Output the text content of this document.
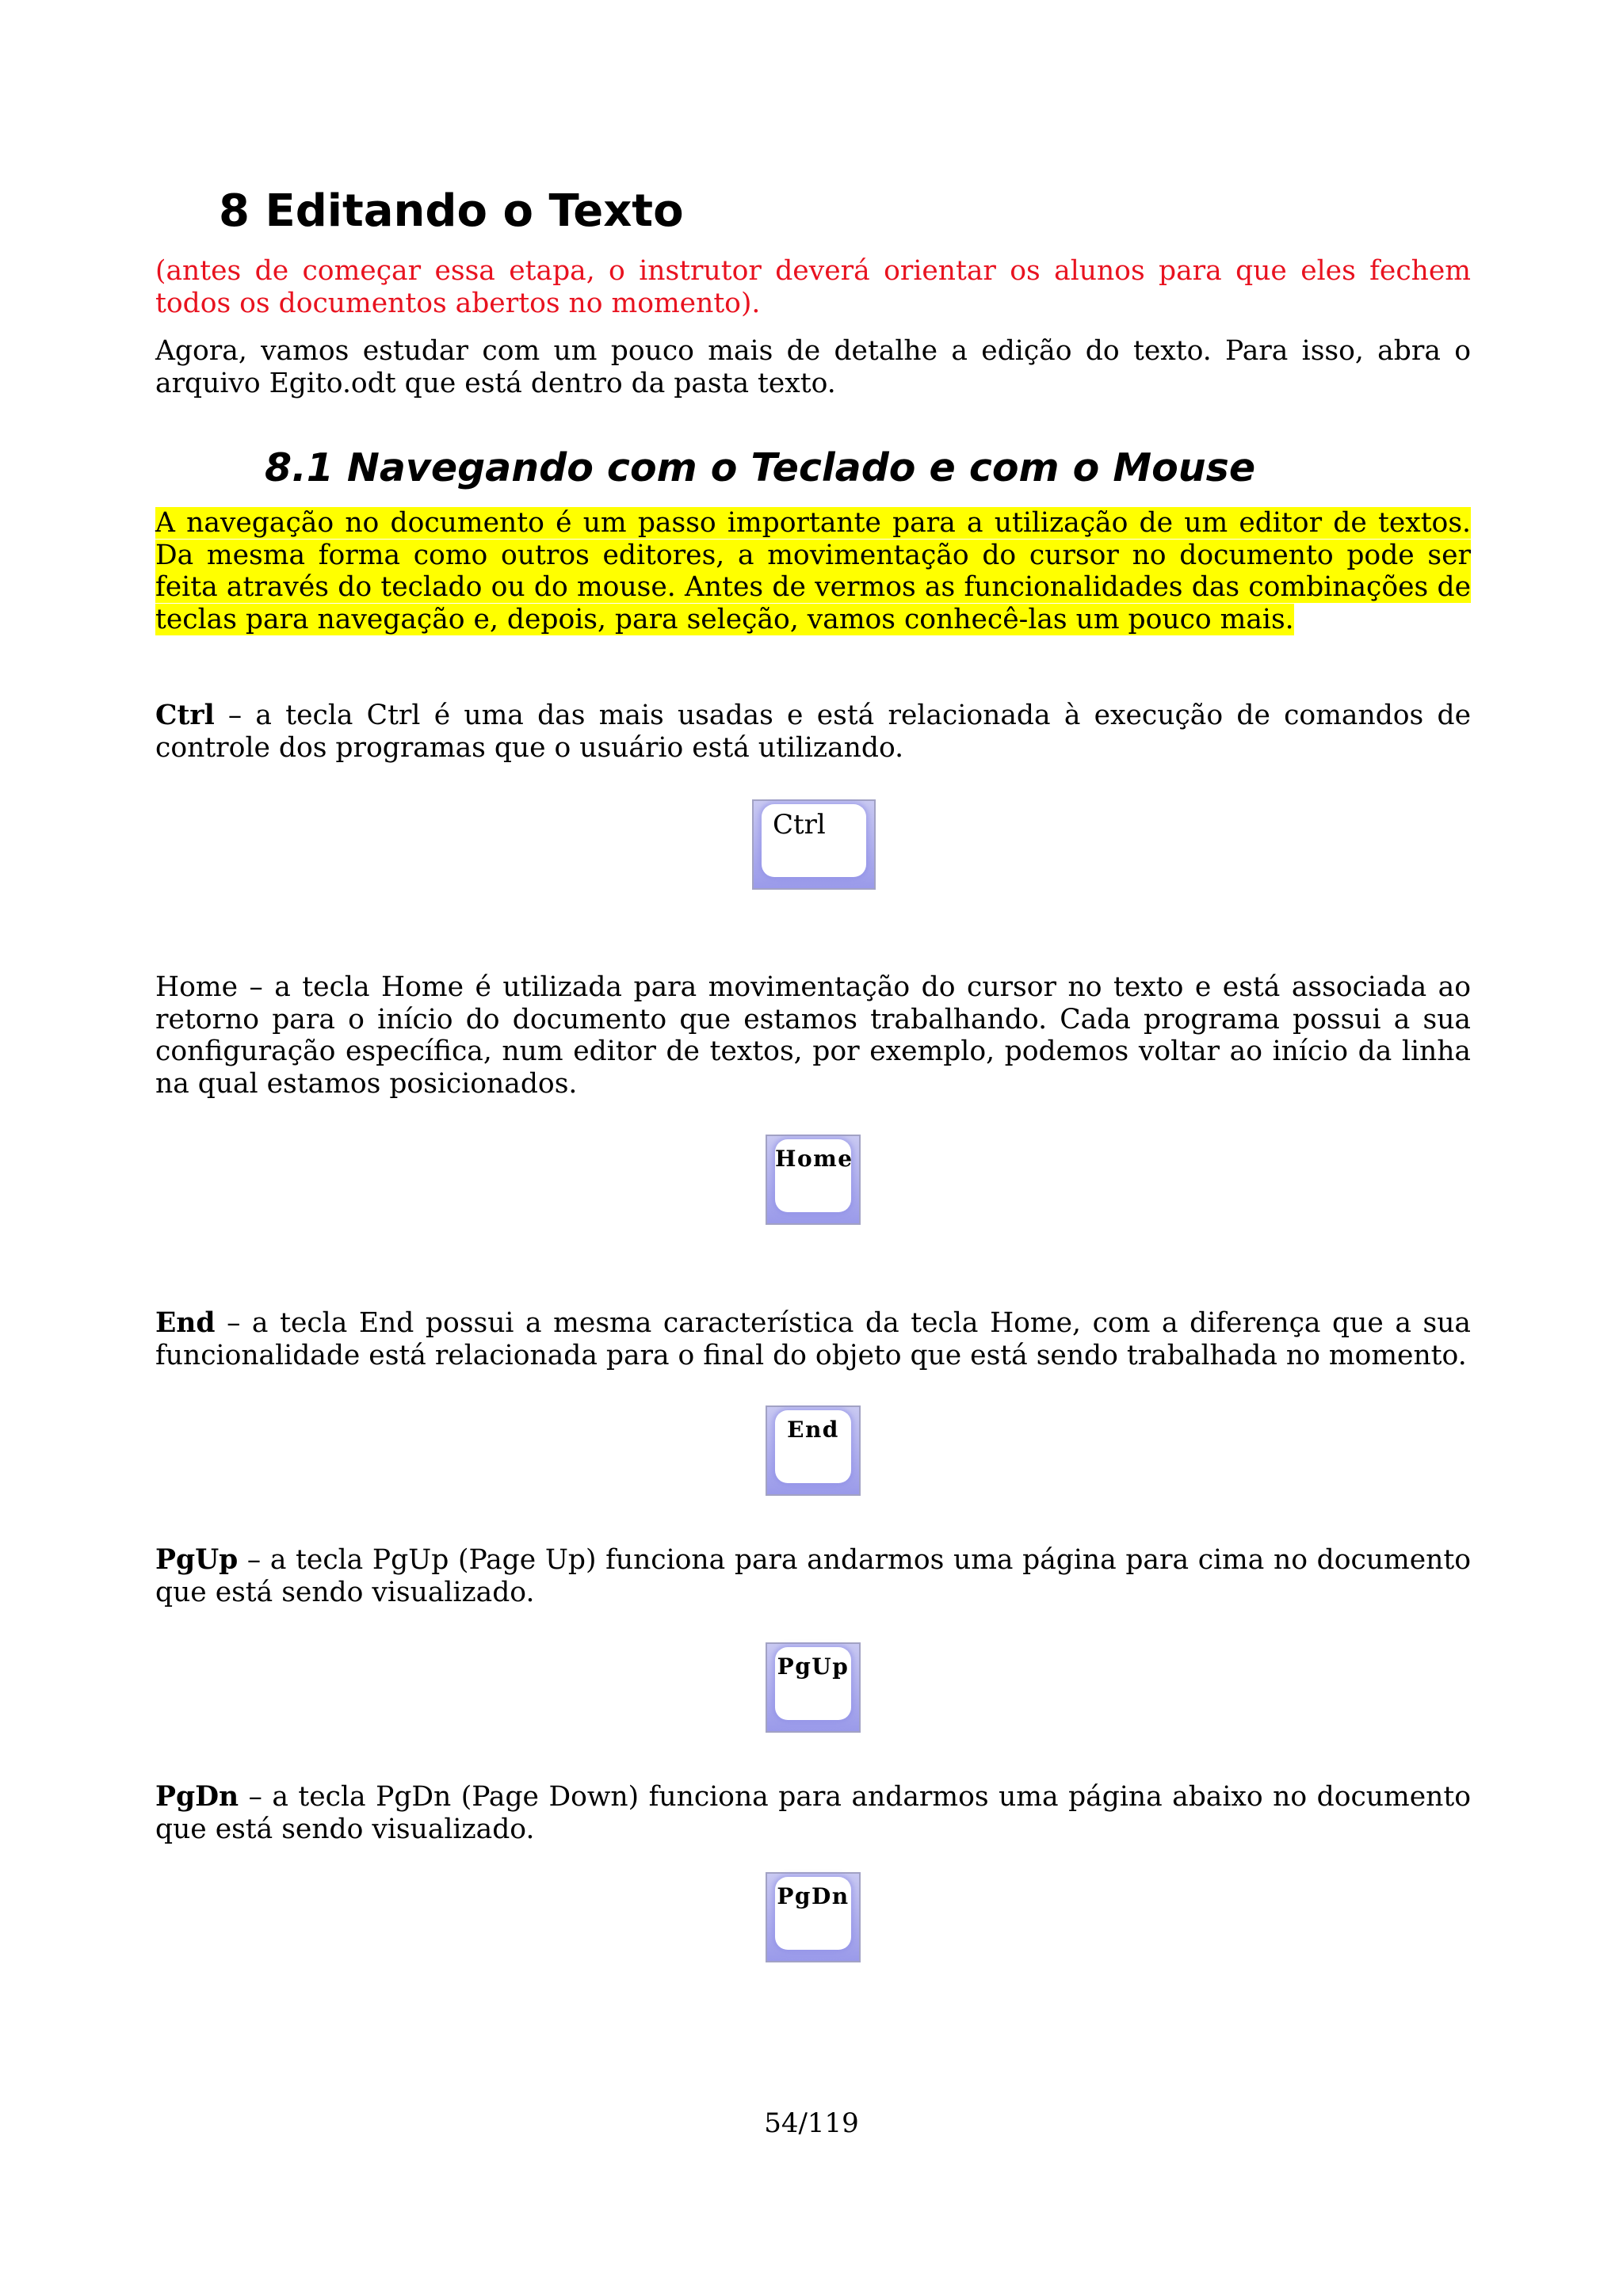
8 Editando o Texto
(antes de começar essa etapa, o instrutor deverá orientar os alunos para que eles fechem todos os documentos abertos no momento).
Agora, vamos estudar com um pouco mais de detalhe a edição do texto. Para isso, abra o arquivo Egito.odt que está dentro da pasta texto.
8.1 Navegando com o Teclado e com o Mouse
A navegação no documento é um passo importante para a utilização de um editor de textos. Da mesma forma como outros editores, a movimentação do cursor no documento pode ser feita através do teclado ou do mouse. Antes de vermos as funcionalidades das combinações de teclas para navegação e, depois, para seleção, vamos conhecê-las um pouco mais.
Ctrl – a tecla Ctrl é uma das mais usadas e está relacionada à execução de comandos de controle dos programas que o usuário está utilizando.
Ctrl
Home – a tecla Home é utilizada para movimentação do cursor no texto e está associada ao retorno para o início do documento que estamos trabalhando. Cada programa possui a sua configuração específica, num editor de textos, por exemplo, podemos voltar ao início da linha na qual estamos posicionados.
Home
End – a tecla End possui a mesma característica da tecla Home, com a diferença que a sua funcionalidade está relacionada para o final do objeto que está sendo trabalhada no momento.
End
PgUp – a tecla PgUp (Page Up) funciona para andarmos uma página para cima no documento que está sendo visualizado.
PgUp
PgDn – a tecla PgDn (Page Down) funciona para andarmos uma página abaixo no documento que está sendo visualizado.
PgDn
54/119
